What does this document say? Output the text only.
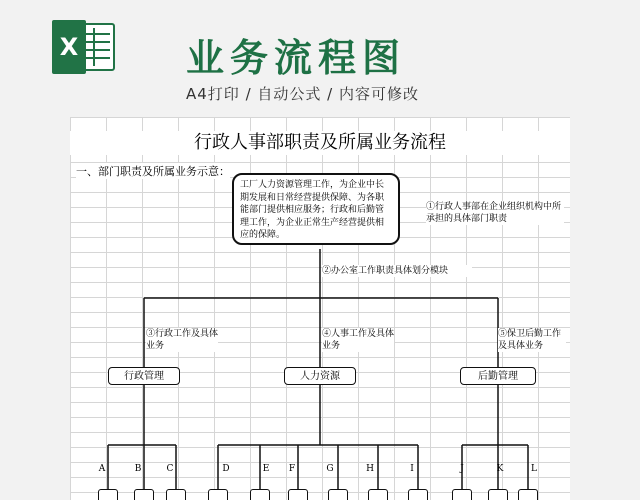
X	业务流程图
A4打印 / 自动公式 / 内容可修改
行政人事部职责及所属业务流程
一、部门职责及所属业务示意：
工厂人力资源管理工作，为企业中长期发展和日常经营提供保障、为各职能部门提供相应服务；行政和后勤管理工作，为企业正常生产经营提供相应的保障。
①行政人事部在企业组织机构中所承担的具体部门职责
②办公室工作职责具体划分模块
③行政工作及具体业务
④人事工作及具体业务
⑤保卫后勤工作及具体业务
行政管理	人力资源	后勤管理
A	B	C	D	E	F	G	H	I	J	K	L
